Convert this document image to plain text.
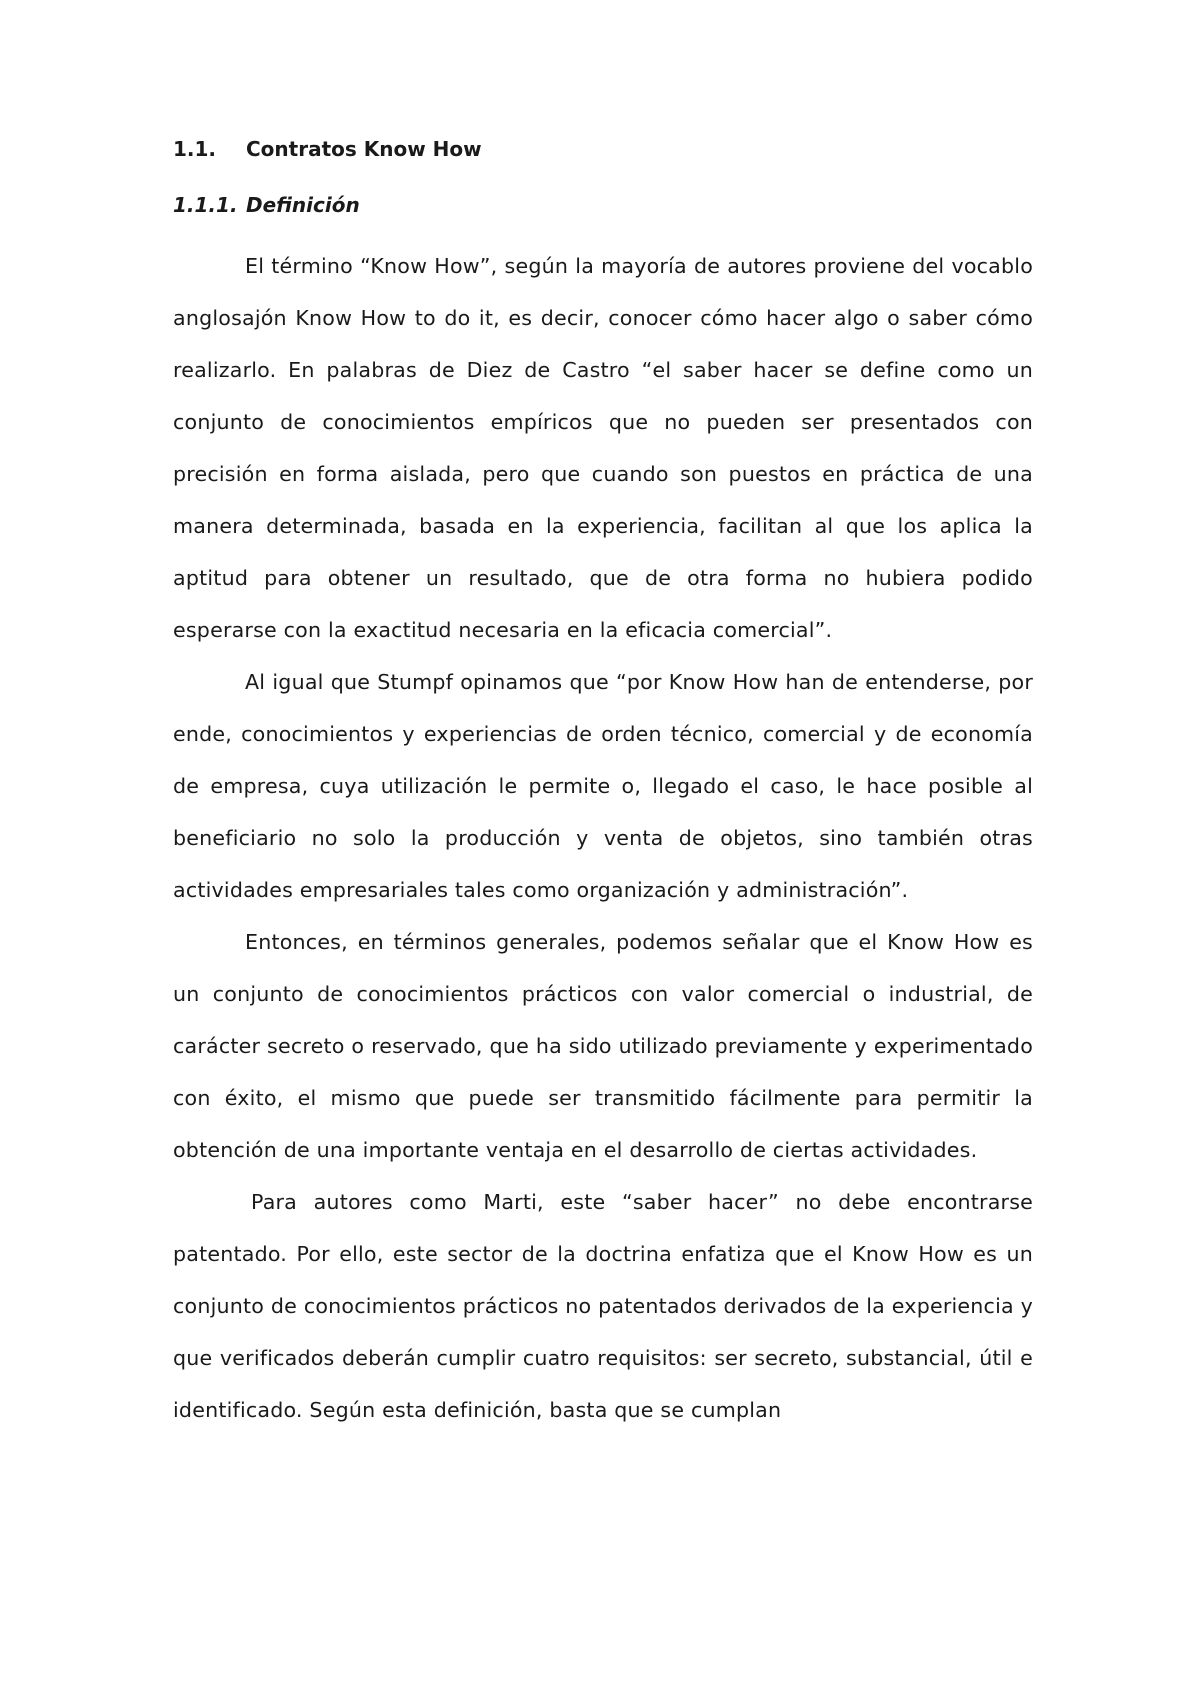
1.1. Contratos Know How
1.1.1. Definición

El término “Know How”, según la mayoría de autores proviene del vocablo anglosajón Know How to do it, es decir, conocer cómo hacer algo o saber cómo realizarlo. En palabras de Diez de Castro “el saber hacer se define como un conjunto de conocimientos empíricos que no pueden ser presentados con precisión en forma aislada, pero que cuando son puestos en práctica de una manera determinada, basada en la experiencia, facilitan al que los aplica la aptitud para obtener un resultado, que de otra forma no hubiera podido esperarse con la exactitud necesaria en la eficacia comercial”.

Al igual que Stumpf opinamos que “por Know How han de entenderse, por ende, conocimientos y experiencias de orden técnico, comercial y de economía de empresa, cuya utilización le permite o, llegado el caso, le hace posible al beneficiario no solo la producción y venta de objetos, sino también otras actividades empresariales tales como organización y administración”.

Entonces, en términos generales, podemos señalar que el Know How es un conjunto de conocimientos prácticos con valor comercial o industrial, de carácter secreto o reservado, que ha sido utilizado previamente y experimentado con éxito, el mismo que puede ser transmitido fácilmente para permitir la obtención de una importante ventaja en el desarrollo de ciertas actividades.

Para autores como Marti, este “saber hacer” no debe encontrarse patentado. Por ello, este sector de la doctrina enfatiza que el Know How es un conjunto de conocimientos prácticos no patentados derivados de la experiencia y que verificados deberán cumplir cuatro requisitos: ser secreto, substancial, útil e identificado. Según esta definición, basta que se cumplan
